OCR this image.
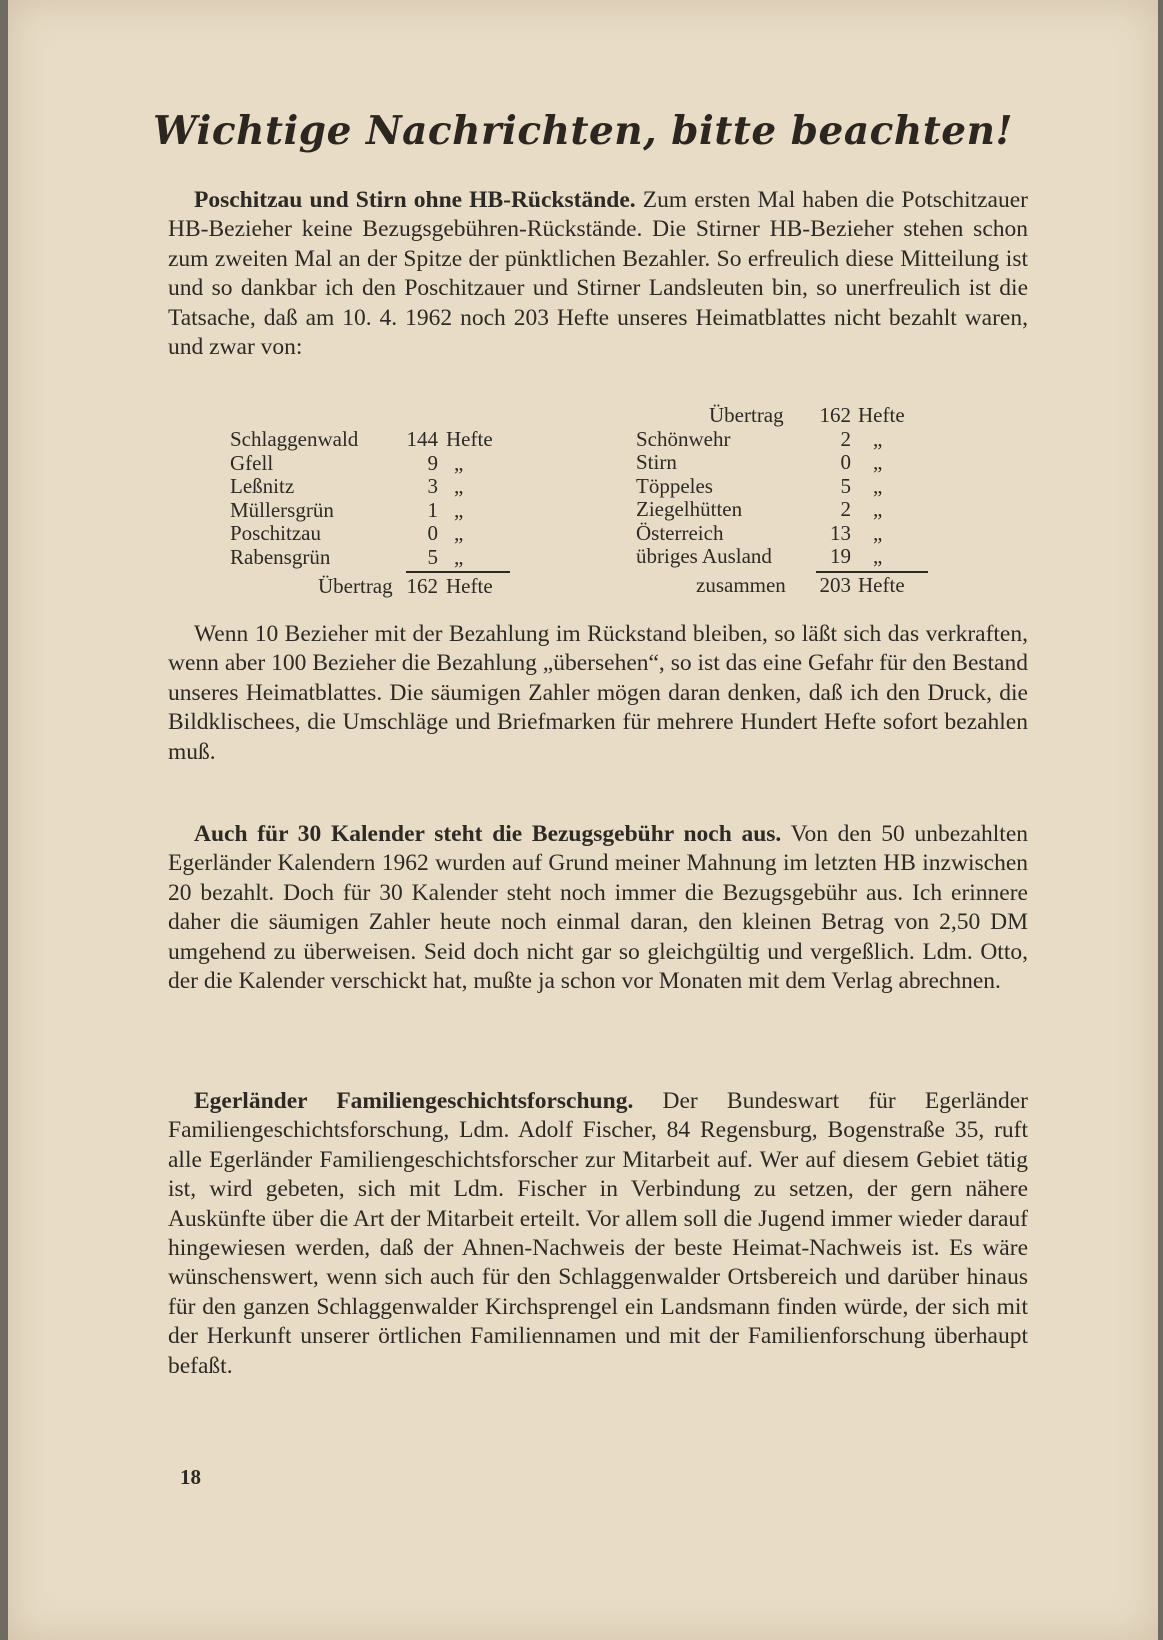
Wichtige Nachrichten, bitte beachten!

Poschitzau und Stirn ohne HB-Rückstände. Zum ersten Mal haben die Potschitzauer HB-Bezieher keine Bezugsgebühren-Rückstände. Die Stirner HB-Bezieher stehen schon zum zweiten Mal an der Spitze der pünktlichen Bezahler. So erfreulich diese Mitteilung ist und so dankbar ich den Poschitzauer und Stirner Landsleuten bin, so unerfreulich ist die Tatsache, daß am 10. 4. 1962 noch 203 Hefte unseres Heimatblattes nicht bezahlt waren, und zwar von:

Schlaggenwald	144 Hefte
Gfell	9 „
Leßnitz	3 „
Müllersgrün	1 „
Poschitzau	0 „
Rabensgrün	5 „
Übertrag 162 Hefte
Übertrag	162 Hefte
Schönwehr	2 „
Stirn	0 „
Töppeles	5 „
Ziegelhütten	2 „
Österreich	13 „
übriges Ausland	19 „
zusammen	203 Hefte

Wenn 10 Bezieher mit der Bezahlung im Rückstand bleiben, so läßt sich das verkraften, wenn aber 100 Bezieher die Bezahlung „übersehen“, so ist das eine Gefahr für den Bestand unseres Heimatblattes. Die säumigen Zahler mögen daran denken, daß ich den Druck, die Bildklischees, die Umschläge und Briefmarken für mehrere Hundert Hefte sofort bezahlen muß.

Auch für 30 Kalender steht die Bezugsgebühr noch aus. Von den 50 unbezahlten Egerländer Kalendern 1962 wurden auf Grund meiner Mahnung im letzten HB inzwischen 20 bezahlt. Doch für 30 Kalender steht noch immer die Bezugsgebühr aus. Ich erinnere daher die säumigen Zahler heute noch einmal daran, den kleinen Betrag von 2,50 DM umgehend zu überweisen. Seid doch nicht gar so gleichgültig und vergeßlich. Ldm. Otto, der die Kalender verschickt hat, mußte ja schon vor Monaten mit dem Verlag abrechnen.

Egerländer Familiengeschichtsforschung. Der Bundeswart für Egerländer Familiengeschichtsforschung, Ldm. Adolf Fischer, 84 Regensburg, Bogenstraße 35, ruft alle Egerländer Familiengeschichtsforscher zur Mitarbeit auf. Wer auf diesem Gebiet tätig ist, wird gebeten, sich mit Ldm. Fischer in Verbindung zu setzen, der gern nähere Auskünfte über die Art der Mitarbeit erteilt. Vor allem soll die Jugend immer wieder darauf hingewiesen werden, daß der Ahnen-Nachweis der beste Heimat-Nachweis ist. Es wäre wünschenswert, wenn sich auch für den Schlaggenwalder Ortsbereich und darüber hinaus für den ganzen Schlaggenwalder Kirchsprengel ein Landsmann finden würde, der sich mit der Herkunft unserer örtlichen Familiennamen und mit der Familienforschung überhaupt befaßt.

18
